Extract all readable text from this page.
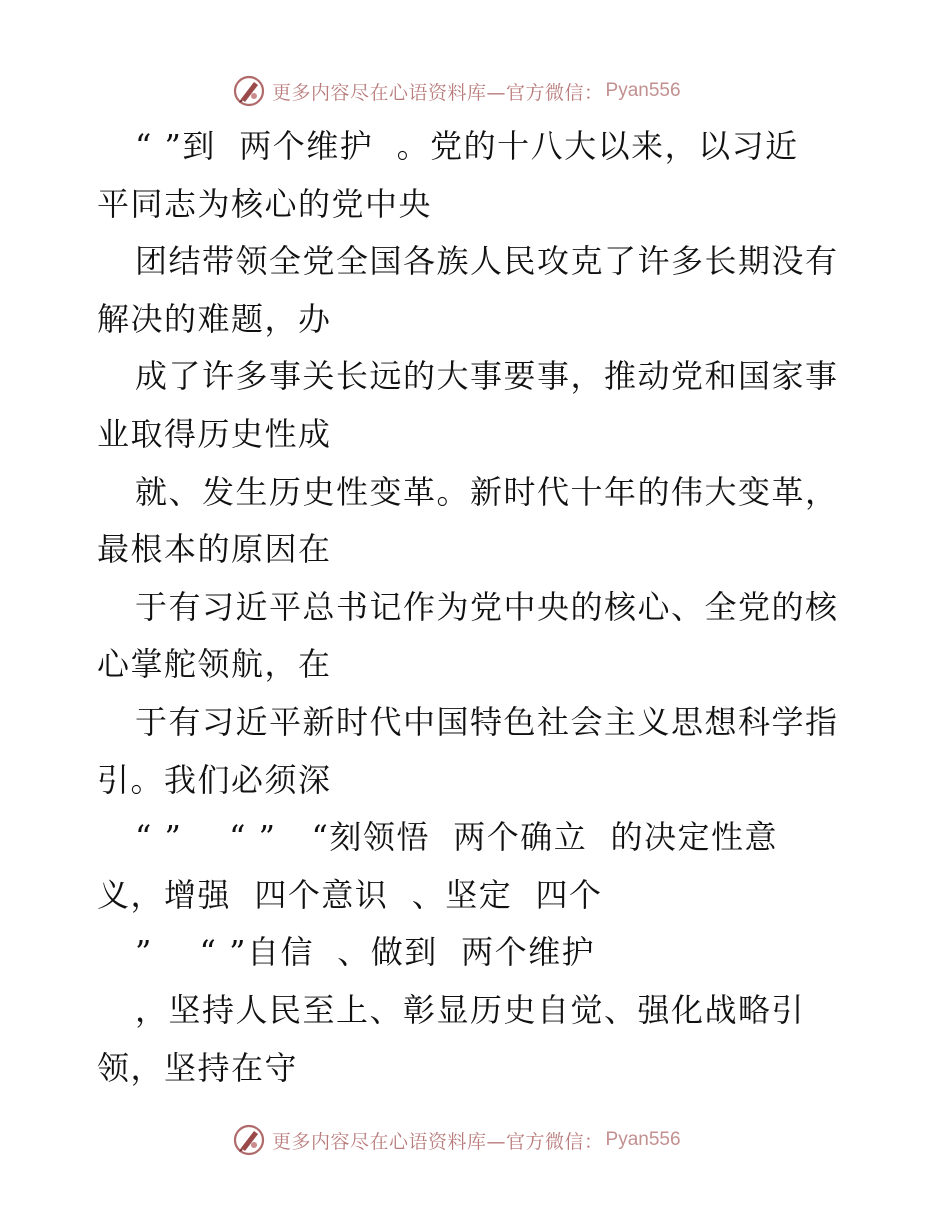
更多内容尽在心语资料库—官方微信： Pyan556
“ ”到  两个维护  。党的十八大以来，以习近
平同志为核心的党中央
团结带领全党全国各族人民攻克了许多长期没有
解决的难题，办
成了许多事关长远的大事要事，推动党和国家事
业取得历史性成
就、发生历史性变革。新时代十年的伟大变革，
最根本的原因在
于有习近平总书记作为党中央的核心、全党的核
心掌舵领航，在
于有习近平新时代中国特色社会主义思想科学指
引。我们必须深
“ ”    “ ”   “刻领悟  两个确立  的决定性意
义，增强  四个意识  、坚定  四个
”    “ ”自信  、做到  两个维护
，坚持人民至上、彰显历史自觉、强化战略引
领，坚持在守
更多内容尽在心语资料库—官方微信： Pyan556
